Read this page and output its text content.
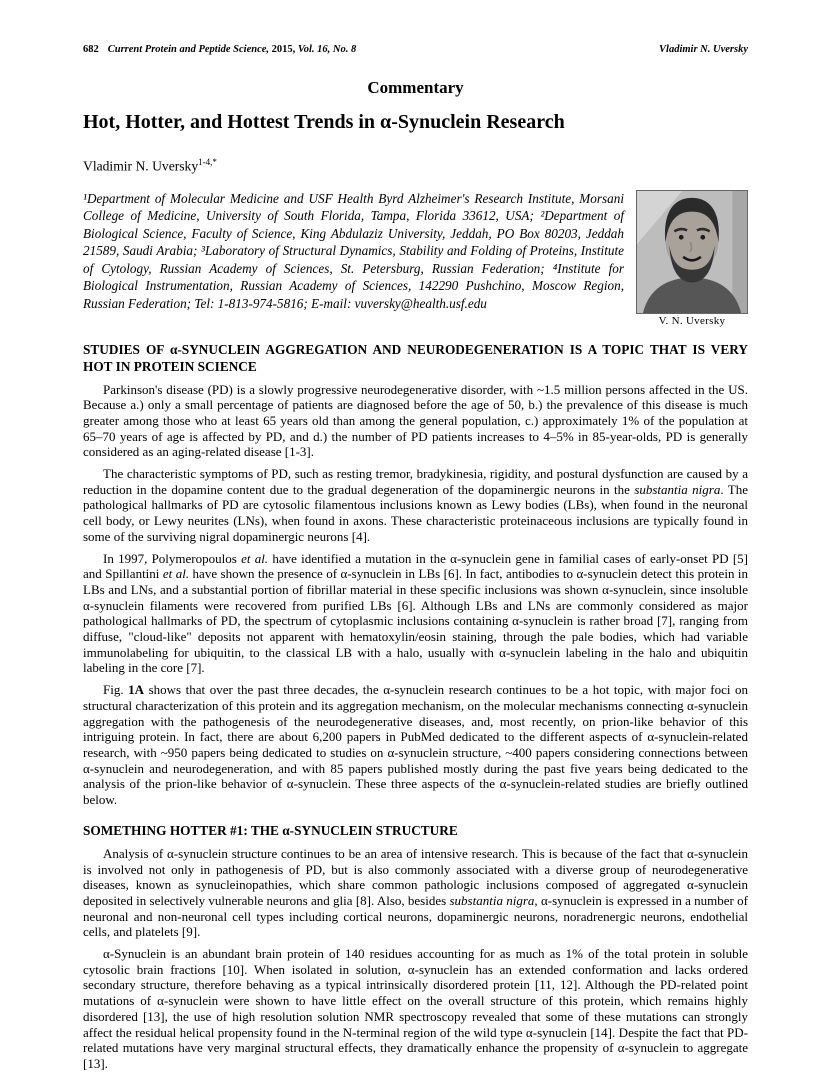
682 Current Protein and Peptide Science, 2015, Vol. 16, No. 8	Vladimir N. Uversky
Commentary
Hot, Hotter, and Hottest Trends in α-Synuclein Research
Vladimir N. Uversky$^{1-4,*}$

¹Department of Molecular Medicine and USF Health Byrd Alzheimer's Research Institute, Morsani College of Medicine, University of South Florida, Tampa, Florida 33612, USA; ²Department of Biological Science, Faculty of Science, King Abdulaziz University, Jeddah, PO Box 80203, Jeddah 21589, Saudi Arabia; ³Laboratory of Structural Dynamics, Stability and Folding of Proteins, Institute of Cytology, Russian Academy of Sciences, St. Petersburg, Russian Federation; ⁴Institute for Biological Instrumentation, Russian Academy of Sciences, 142290 Pushchino, Moscow Region, Russian Federation; Tel: 1-813-974-5816; E-mail: vuversky@health.usf.edu

V. N. Uversky
STUDIES OF α-SYNUCLEIN AGGREGATION AND NEURODEGENERATION IS A TOPIC THAT IS VERY HOT IN PROTEIN SCIENCE

Parkinson's disease (PD) is a slowly progressive neurodegenerative disorder, with ~1.5 million persons affected in the US. Because a.) only a small percentage of patients are diagnosed before the age of 50, b.) the prevalence of this disease is much greater among those who at least 65 years old than among the general population, c.) approximately 1% of the population at 65–70 years of age is affected by PD, and d.) the number of PD patients increases to 4–5% in 85-year-olds, PD is generally considered as an aging-related disease [1-3].

The characteristic symptoms of PD, such as resting tremor, bradykinesia, rigidity, and postural dysfunction are caused by a reduction in the dopamine content due to the gradual degeneration of the dopaminergic neurons in the substantia nigra. The pathological hallmarks of PD are cytosolic filamentous inclusions known as Lewy bodies (LBs), when found in the neuronal cell body, or Lewy neurites (LNs), when found in axons. These characteristic proteinaceous inclusions are typically found in some of the surviving nigral dopaminergic neurons [4].

In 1997, Polymeropoulos et al. have identified a mutation in the α-synuclein gene in familial cases of early-onset PD [5] and Spillantini et al. have shown the presence of α-synuclein in LBs [6]. In fact, antibodies to α-synuclein detect this protein in LBs and LNs, and a substantial portion of fibrillar material in these specific inclusions was shown α-synuclein, since insoluble α-synuclein filaments were recovered from purified LBs [6]. Although LBs and LNs are commonly considered as major pathological hallmarks of PD, the spectrum of cytoplasmic inclusions containing α-synuclein is rather broad [7], ranging from diffuse, "cloud-like" deposits not apparent with hematoxylin/eosin staining, through the pale bodies, which had variable immunolabeling for ubiquitin, to the classical LB with a halo, usually with α-synuclein labeling in the halo and ubiquitin labeling in the core [7].

Fig. 1A shows that over the past three decades, the α-synuclein research continues to be a hot topic, with major foci on structural characterization of this protein and its aggregation mechanism, on the molecular mechanisms connecting α-synuclein aggregation with the pathogenesis of the neurodegenerative diseases, and, most recently, on prion-like behavior of this intriguing protein. In fact, there are about 6,200 papers in PubMed dedicated to the different aspects of α-synuclein-related research, with ~950 papers being dedicated to studies on α-synuclein structure, ~400 papers considering connections between α-synuclein and neurodegeneration, and with 85 papers published mostly during the past five years being dedicated to the analysis of the prion-like behavior of α-synuclein. These three aspects of the α-synuclein-related studies are briefly outlined below.

SOMETHING HOTTER #1: THE α-SYNUCLEIN STRUCTURE

Analysis of α-synuclein structure continues to be an area of intensive research. This is because of the fact that α-synuclein is involved not only in pathogenesis of PD, but is also commonly associated with a diverse group of neurodegenerative diseases, known as synucleinopathies, which share common pathologic inclusions composed of aggregated α-synuclein deposited in selectively vulnerable neurons and glia [8]. Also, besides substantia nigra, α-synuclein is expressed in a number of neuronal and non-neuronal cell types including cortical neurons, dopaminergic neurons, noradrenergic neurons, endothelial cells, and platelets [9].

α-Synuclein is an abundant brain protein of 140 residues accounting for as much as 1% of the total protein in soluble cytosolic brain fractions [10]. When isolated in solution, α-synuclein has an extended conformation and lacks ordered secondary structure, therefore behaving as a typical intrinsically disordered protein [11, 12]. Although the PD-related point mutations of α-synuclein were shown to have little effect on the overall structure of this protein, which remains highly disordered [13], the use of high resolution solution NMR spectroscopy revealed that some of these mutations can strongly affect the residual helical propensity found in the N-terminal region of the wild type α-synuclein [14]. Despite the fact that PD-related mutations have very marginal structural effects, they dramatically enhance the propensity of α-synuclein to aggregate [13].
